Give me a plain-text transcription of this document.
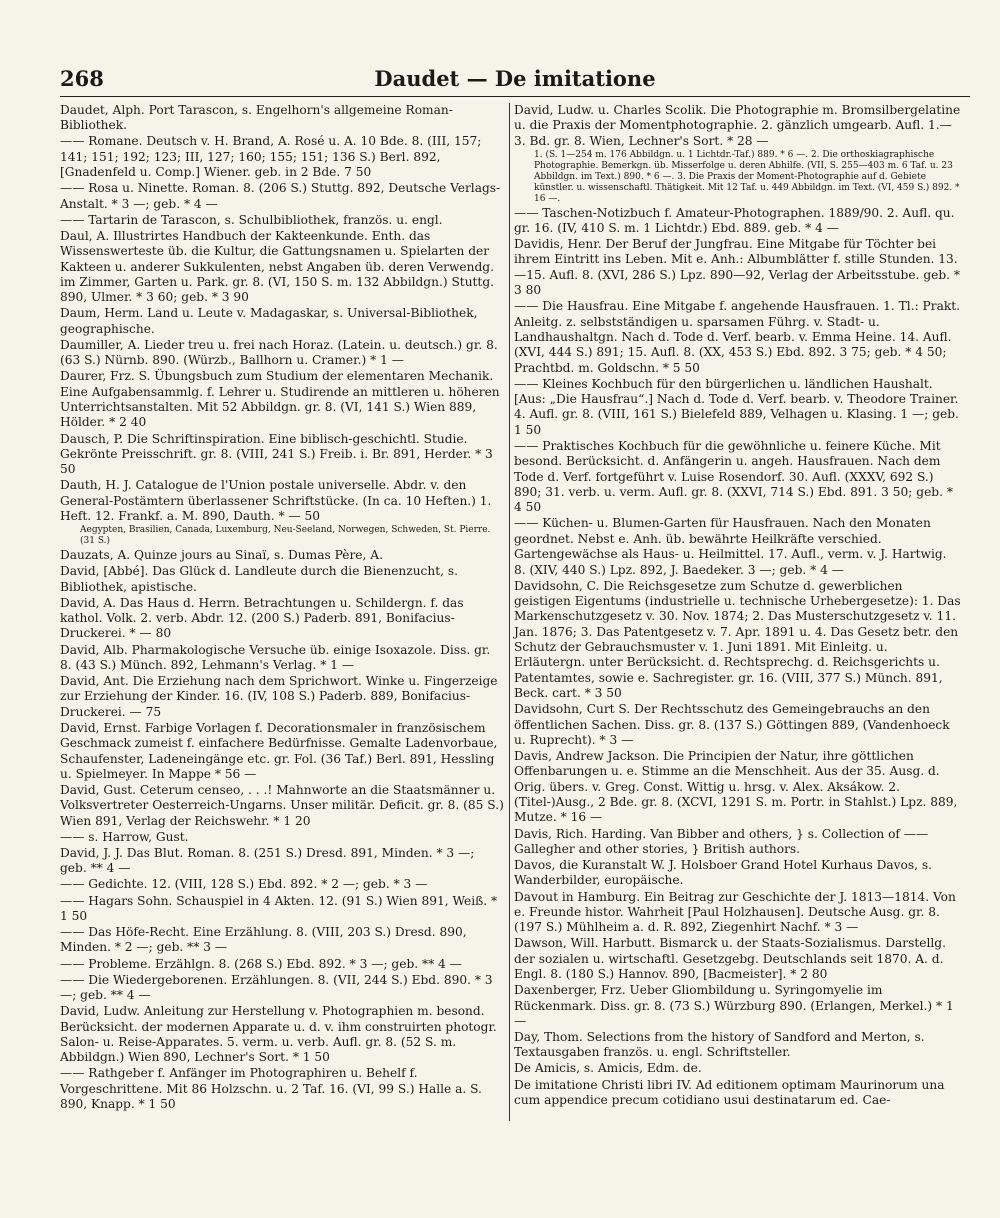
268	Daudet — De imitatione
Daudet, Alph. Port Tarascon, s. Engelhorn's allgemeine Roman-Bibliothek.
—— Romane. Deutsch v. H. Brand, A. Rosé u. A. 10 Bde. 8. (III, 157; 141; 151; 192; 123; III, 127; 160; 155; 151; 136 S.) Berl. 892, [Gnadenfeld u. Comp.] Wiener. geb. in 2 Bde. 7 50
—— Rosa u. Ninette. Roman. 8. (206 S.) Stuttg. 892, Deutsche Verlags-Anstalt. * 3 —; geb. * 4 —
—— Tartarin de Tarascon, s. Schulbibliothek, französ. u. engl.
Daul, A. Illustrirtes Handbuch der Kakteenkunde. Enth. das Wissenswerteste üb. die Kultur, die Gattungsnamen u. Spielarten der Kakteen u. anderer Sukkulenten, nebst Angaben üb. deren Verwendg. im Zimmer, Garten u. Park. gr. 8. (VI, 150 S. m. 132 Abbildgn.) Stuttg. 890, Ulmer. * 3 60; geb. * 3 90
Daum, Herm. Land u. Leute v. Madagaskar, s. Universal-Bibliothek, geographische.
Daumiller, A. Lieder treu u. frei nach Horaz. (Latein. u. deutsch.) gr. 8. (63 S.) Nürnb. 890. (Würzb., Ballhorn u. Cramer.) * 1 —
Daurer, Frz. S. Übungsbuch zum Studium der elementaren Mechanik. Eine Aufgabensammlg. f. Lehrer u. Studirende an mittleren u. höheren Unterrichtsanstalten. Mit 52 Abbildgn. gr. 8. (VI, 141 S.) Wien 889, Hölder. * 2 40
Dausch, P. Die Schriftinspiration. Eine biblisch-geschichtl. Studie. Gekrönte Preisschrift. gr. 8. (VIII, 241 S.) Freib. i. Br. 891, Herder. * 3 50
Dauth, H. J. Catalogue de l'Union postale universelle. Abdr. v. den General-Postämtern überlassener Schriftstücke. (In ca. 10 Heften.) 1. Heft. 12. Frankf. a. M. 890, Dauth. * — 50
Aegypten, Brasilien, Canada, Luxemburg, Neu-Seeland, Norwegen, Schweden, St. Pierre. (31 S.)
Dauzats, A. Quinze jours au Sinaï, s. Dumas Père, A.
David, [Abbé]. Das Glück d. Landleute durch die Bienenzucht, s. Bibliothek, apistische.
David, A. Das Haus d. Herrn. Betrachtungen u. Schildergn. f. das kathol. Volk. 2. verb. Abdr. 12. (200 S.) Paderb. 891, Bonifacius-Druckerei. * — 80
David, Alb. Pharmakologische Versuche üb. einige Isoxazole. Diss. gr. 8. (43 S.) Münch. 892, Lehmann's Verlag. * 1 —
David, Ant. Die Erziehung nach dem Sprichwort. Winke u. Fingerzeige zur Erziehung der Kinder. 16. (IV, 108 S.) Paderb. 889, Bonifacius-Druckerei. — 75
David, Ernst. Farbige Vorlagen f. Decorationsmaler in französischem Geschmack zumeist f. einfachere Bedürfnisse. Gemalte Ladenvorbaue, Schaufenster, Ladeneingänge etc. gr. Fol. (36 Taf.) Berl. 891, Hessling u. Spielmeyer. In Mappe * 56 —
David, Gust. Ceterum censeo, . . .! Mahnworte an die Staatsmänner u. Volksvertreter Oesterreich-Ungarns. Unser militär. Deficit. gr. 8. (85 S.) Wien 891, Verlag der Reichswehr. * 1 20
—— s. Harrow, Gust.
David, J. J. Das Blut. Roman. 8. (251 S.) Dresd. 891, Minden. * 3 —; geb. ** 4 —
—— Gedichte. 12. (VIII, 128 S.) Ebd. 892. * 2 —; geb. * 3 —
—— Hagars Sohn. Schauspiel in 4 Akten. 12. (91 S.) Wien 891, Weiß. * 1 50
—— Das Höfe-Recht. Eine Erzählung. 8. (VIII, 203 S.) Dresd. 890, Minden. * 2 —; geb. ** 3 —
—— Probleme. Erzählgn. 8. (268 S.) Ebd. 892. * 3 —; geb. ** 4 —
—— Die Wiedergeborenen. Erzählungen. 8. (VII, 244 S.) Ebd. 890. * 3 —; geb. ** 4 —
David, Ludw. Anleitung zur Herstellung v. Photographien m. besond. Berücksicht. der modernen Apparate u. d. v. ihm construirten photogr. Salon- u. Reise-Apparates. 5. verm. u. verb. Aufl. gr. 8. (52 S. m. Abbildgn.) Wien 890, Lechner's Sort. * 1 50
—— Rathgeber f. Anfänger im Photographiren u. Behelf f. Vorgeschrittene. Mit 86 Holzschn. u. 2 Taf. 16. (VI, 99 S.) Halle a. S. 890, Knapp. * 1 50
David, Ludw. u. Charles Scolik. Die Photographie m. Bromsilbergelatine u. die Praxis der Momentphotographie. 2. gänzlich umgearb. Aufl. 1.—3. Bd. gr. 8. Wien, Lechner's Sort. * 28 —
1. (S. 1—254 m. 176 Abbildgn. u. 1 Lichtdr.-Taf.) 889. * 6 —. 2. Die orthoskiagraphische Photographie. Bemerkgn. üb. Misserfolge u. deren Abhilfe. (VII, S. 255—403 m. 6 Taf. u. 23 Abbildgn. im Text.) 890. * 6 —. 3. Die Praxis der Moment-Photographie auf d. Gebiete künstler. u. wissenschaftl. Thätigkeit. Mit 12 Taf. u. 449 Abbildgn. im Text. (VI, 459 S.) 892. * 16 —.
—— Taschen-Notizbuch f. Amateur-Photographen. 1889/90. 2. Aufl. qu. gr. 16. (IV, 410 S. m. 1 Lichtdr.) Ebd. 889. geb. * 4 —
Davidis, Henr. Der Beruf der Jungfrau. Eine Mitgabe für Töchter bei ihrem Eintritt ins Leben. Mit e. Anh.: Albumblätter f. stille Stunden. 13.—15. Aufl. 8. (XVI, 286 S.) Lpz. 890—92, Verlag der Arbeitsstube. geb. * 3 80
—— Die Hausfrau. Eine Mitgabe f. angehende Hausfrauen. 1. Tl.: Prakt. Anleitg. z. selbstständigen u. sparsamen Führg. v. Stadt- u. Landhaushaltgn. Nach d. Tode d. Verf. bearb. v. Emma Heine. 14. Aufl. (XVI, 444 S.) 891; 15. Aufl. 8. (XX, 453 S.) Ebd. 892. 3 75; geb. * 4 50; Prachtbd. m. Goldschn. * 5 50
—— Kleines Kochbuch für den bürgerlichen u. ländlichen Haushalt. [Aus: „Die Hausfrau“.] Nach d. Tode d. Verf. bearb. v. Theodore Trainer. 4. Aufl. gr. 8. (VIII, 161 S.) Bielefeld 889, Velhagen u. Klasing. 1 —; geb. 1 50
—— Praktisches Kochbuch für die gewöhnliche u. feinere Küche. Mit besond. Berücksicht. d. Anfängerin u. angeh. Hausfrauen. Nach dem Tode d. Verf. fortgeführt v. Luise Rosendorf. 30. Aufl. (XXXV, 692 S.) 890; 31. verb. u. verm. Aufl. gr. 8. (XXVI, 714 S.) Ebd. 891. 3 50; geb. * 4 50
—— Küchen- u. Blumen-Garten für Hausfrauen. Nach den Monaten geordnet. Nebst e. Anh. üb. bewährte Heilkräfte verschied. Gartengewächse als Haus- u. Heilmittel. 17. Aufl., verm. v. J. Hartwig. 8. (XIV, 440 S.) Lpz. 892, J. Baedeker. 3 —; geb. * 4 —
Davidsohn, C. Die Reichsgesetze zum Schutze d. gewerblichen geistigen Eigentums (industrielle u. technische Urhebergesetze): 1. Das Markenschutzgesetz v. 30. Nov. 1874; 2. Das Musterschutzgesetz v. 11. Jan. 1876; 3. Das Patentgesetz v. 7. Apr. 1891 u. 4. Das Gesetz betr. den Schutz der Gebrauchsmuster v. 1. Juni 1891. Mit Einleitg. u. Erläutergn. unter Berücksicht. d. Rechtsprechg. d. Reichsgerichts u. Patentamtes, sowie e. Sachregister. gr. 16. (VIII, 377 S.) Münch. 891, Beck. cart. * 3 50
Davidsohn, Curt S. Der Rechtsschutz des Gemeingebrauchs an den öffentlichen Sachen. Diss. gr. 8. (137 S.) Göttingen 889, (Vandenhoeck u. Ruprecht). * 3 —
Davis, Andrew Jackson. Die Principien der Natur, ihre göttlichen Offenbarungen u. e. Stimme an die Menschheit. Aus der 35. Ausg. d. Orig. übers. v. Greg. Const. Wittig u. hrsg. v. Alex. Aksákow. 2. (Titel-)Ausg., 2 Bde. gr. 8. (XCVI, 1291 S. m. Portr. in Stahlst.) Lpz. 889, Mutze. * 16 —
Davis, Rich. Harding. Van Bibber and others, } s. Collection of —— Gallegher and other stories, } British authors.
Davos, die Kuranstalt W. J. Holsboer Grand Hotel Kurhaus Davos, s. Wanderbilder, europäische.
Davout in Hamburg. Ein Beitrag zur Geschichte der J. 1813—1814. Von e. Freunde histor. Wahrheit [Paul Holzhausen]. Deutsche Ausg. gr. 8. (197 S.) Mühlheim a. d. R. 892, Ziegenhirt Nachf. * 3 —
Dawson, Will. Harbutt. Bismarck u. der Staats-Sozialismus. Darstellg. der sozialen u. wirtschaftl. Gesetzgebg. Deutschlands seit 1870. A. d. Engl. 8. (180 S.) Hannov. 890, [Bacmeister]. * 2 80
Daxenberger, Frz. Ueber Gliombildung u. Syringomyelie im Rückenmark. Diss. gr. 8. (73 S.) Würzburg 890. (Erlangen, Merkel.) * 1 —
Day, Thom. Selections from the history of Sandford and Merton, s. Textausgaben französ. u. engl. Schriftsteller.
De Amicis, s. Amicis, Edm. de.
De imitatione Christi libri IV. Ad editionem optimam Maurinorum una cum appendice precum cotidiano usui destinatarum ed. Cae-
